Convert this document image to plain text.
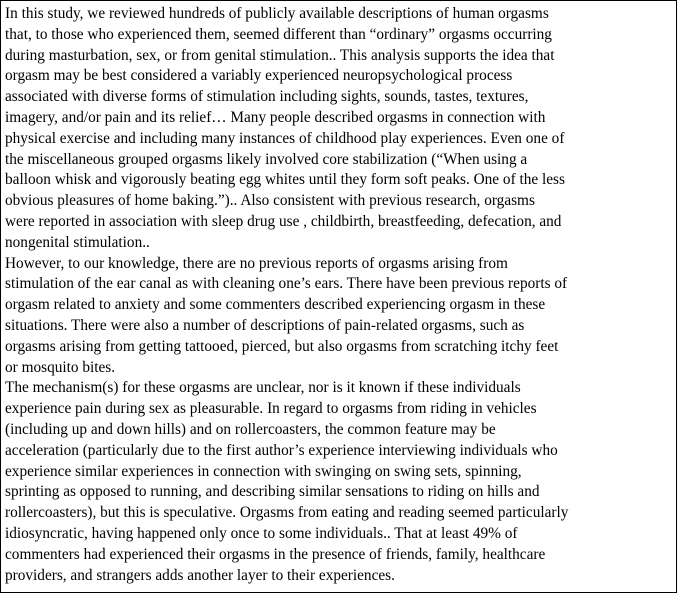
In this study, we reviewed hundreds of publicly available descriptions of human orgasms
that, to those who experienced them, seemed different than “ordinary” orgasms occurring
during masturbation, sex, or from genital stimulation.. This analysis supports the idea that
orgasm may be best considered a variably experienced neuropsychological process
associated with diverse forms of stimulation including sights, sounds, tastes, textures,
imagery, and/or pain and its relief… Many people described orgasms in connection with
physical exercise and including many instances of childhood play experiences. Even one of
the miscellaneous grouped orgasms likely involved core stabilization (“When using a
balloon whisk and vigorously beating egg whites until they form soft peaks. One of the less
obvious pleasures of home baking.”).. Also consistent with previous research, orgasms
were reported in association with sleep drug use , childbirth, breastfeeding, defecation, and
nongenital stimulation..
However, to our knowledge, there are no previous reports of orgasms arising from
stimulation of the ear canal as with cleaning one’s ears. There have been previous reports of
orgasm related to anxiety and some commenters described experiencing orgasm in these
situations. There were also a number of descriptions of pain-related orgasms, such as
orgasms arising from getting tattooed, pierced, but also orgasms from scratching itchy feet
or mosquito bites.
The mechanism(s) for these orgasms are unclear, nor is it known if these individuals
experience pain during sex as pleasurable. In regard to orgasms from riding in vehicles
(including up and down hills) and on rollercoasters, the common feature may be
acceleration (particularly due to the first author’s experience interviewing individuals who
experience similar experiences in connection with swinging on swing sets, spinning,
sprinting as opposed to running, and describing similar sensations to riding on hills and
rollercoasters), but this is speculative. Orgasms from eating and reading seemed particularly
idiosyncratic, having happened only once to some individuals.. That at least 49% of
commenters had experienced their orgasms in the presence of friends, family, healthcare
providers, and strangers adds another layer to their experiences.
